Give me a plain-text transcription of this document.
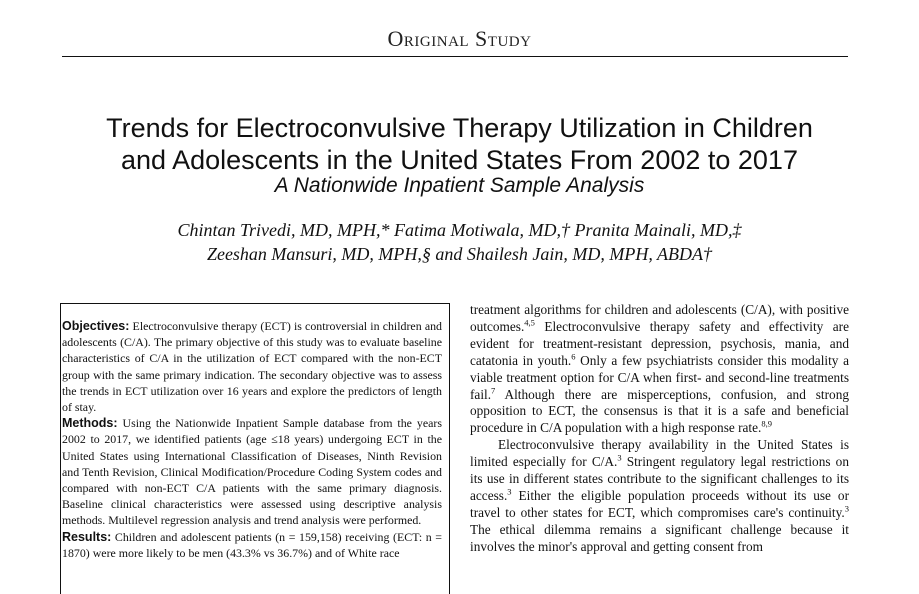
Original Study
Trends for Electroconvulsive Therapy Utilization in Children
and Adolescents in the United States From 2002 to 2017
A Nationwide Inpatient Sample Analysis
Chintan Trivedi, MD, MPH,* Fatima Motiwala, MD,† Pranita Mainali, MD,‡
Zeeshan Mansuri, MD, MPH,§ and Shailesh Jain, MD, MPH, ABDA†

Objectives: Electroconvulsive therapy (ECT) is controversial in children and adolescents (C/A). The primary objective of this study was to evaluate baseline characteristics of C/A in the utilization of ECT compared with the non-ECT group with the same primary indication. The secondary objective was to assess the trends in ECT utilization over 16 years and explore the predictors of length of stay.

Methods: Using the Nationwide Inpatient Sample database from the years 2002 to 2017, we identified patients (age ≤18 years) undergoing ECT in the United States using International Classification of Diseases, Ninth Revision and Tenth Revision, Clinical Modification/Procedure Coding System codes and compared with non-ECT C/A patients with the same primary diagnosis. Baseline clinical characteristics were assessed using descriptive analysis methods. Multilevel regression analysis and trend analysis were performed.

Results: Children and adolescent patients (n = 159,158) receiving (ECT: n = 1870) were more likely to be men (43.3% vs 36.7%) and of White race

treatment algorithms for children and adolescents (C/A), with positive outcomes.$^{4,5}$ Electroconvulsive therapy safety and effectivity are evident for treatment-resistant depression, psychosis, mania, and catatonia in youth.$^6$ Only a few psychiatrists consider this modality a viable treatment option for C/A when first- and second-line treatments fail.$^7$ Although there are misperceptions, confusion, and strong opposition to ECT, the consensus is that it is a safe and beneficial procedure in C/A population with a high response rate.$^{8,9}$

Electroconvulsive therapy availability in the United States is limited especially for C/A.$^3$ Stringent regulatory legal restrictions on its use in different states contribute to the significant challenges to its access.$^3$ Either the eligible population proceeds without its use or travel to other states for ECT, which compromises care's continuity.$^3$ The ethical dilemma remains a significant challenge because it involves the minor's approval and getting consent from
